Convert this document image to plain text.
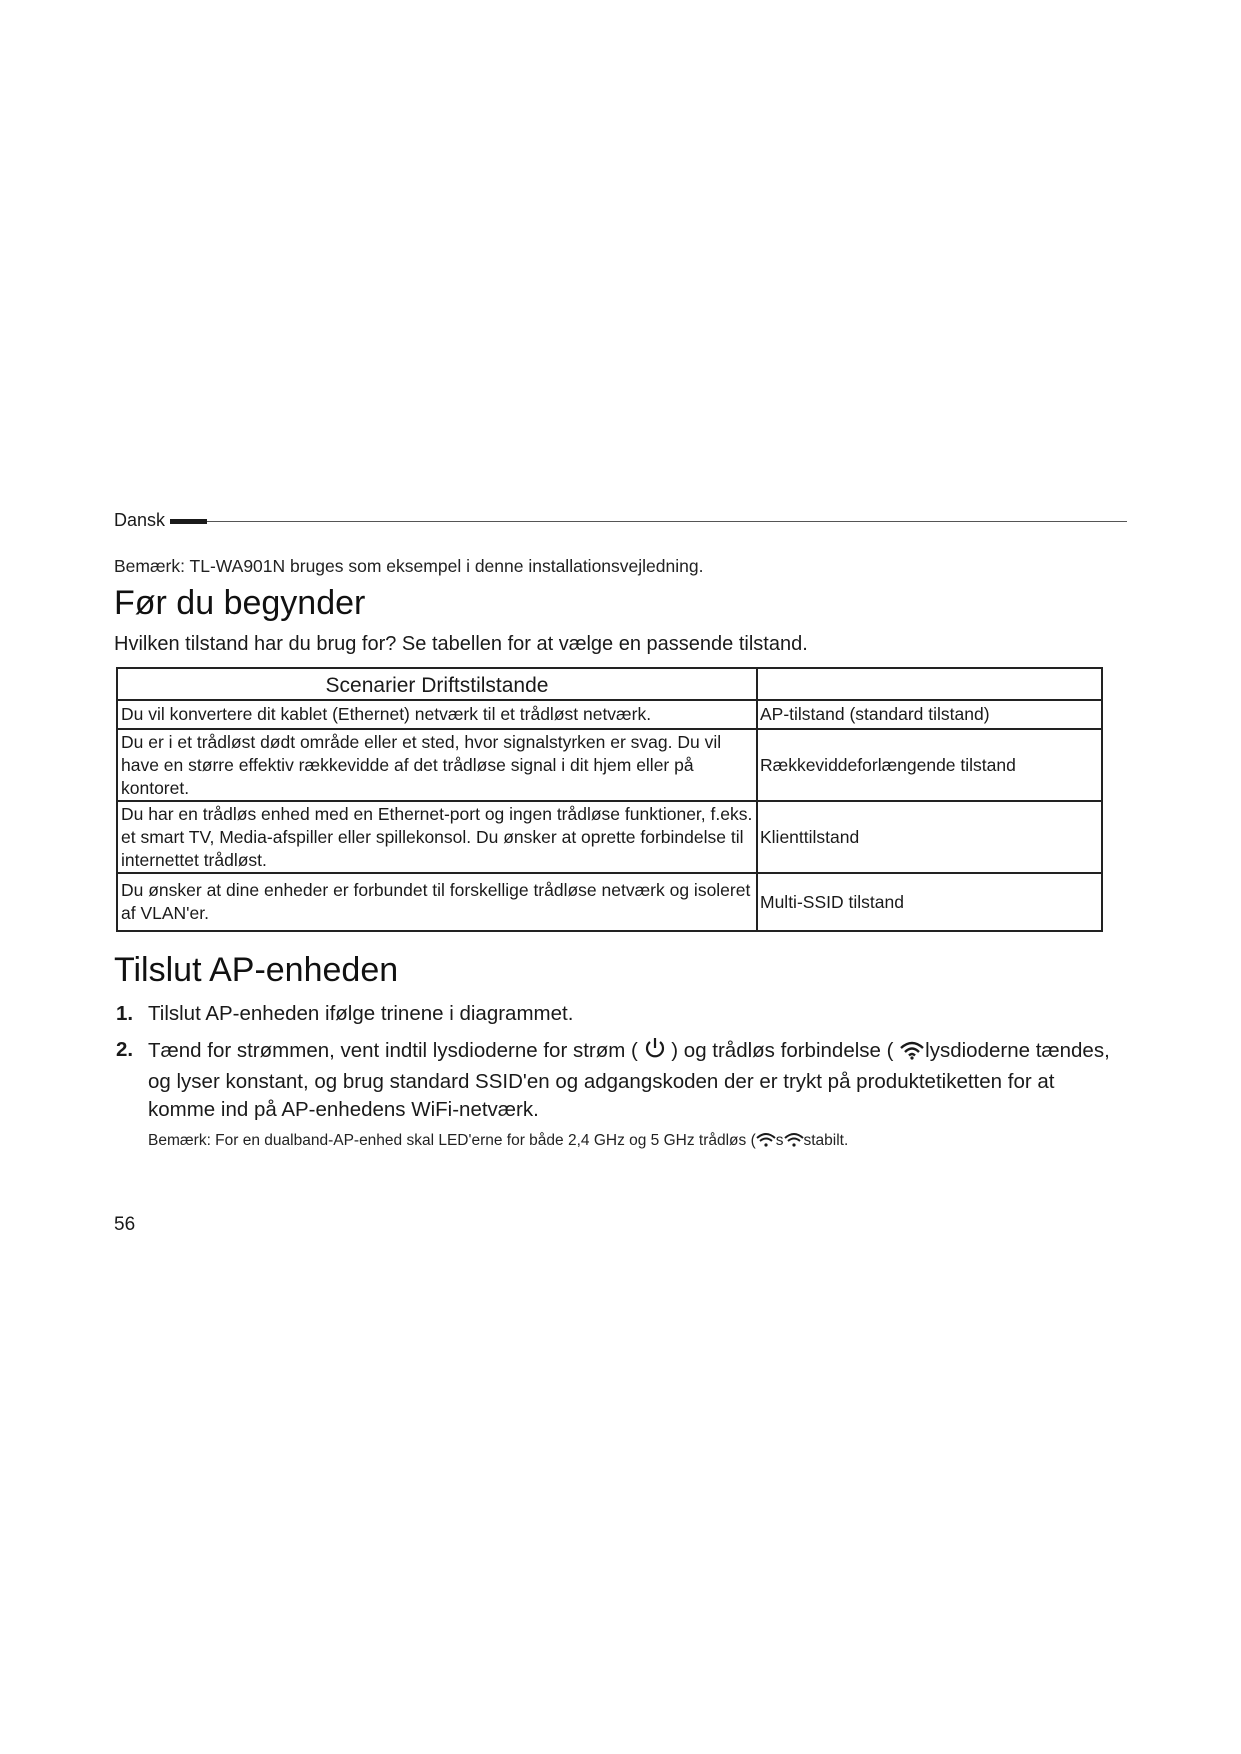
Dansk
Bemærk: TL-WA901N bruges som eksempel i denne installationsvejledning.
Før du begynder
Hvilken tilstand har du brug for? Se tabellen for at vælge en passende tilstand.
Scenarier Driftstilstande	
Du vil konvertere dit kablet (Ethernet) netværk til et trådløst netværk.	AP-tilstand (standard tilstand)
Du er i et trådløst dødt område eller et sted, hvor signalstyrken er svag. Du vil have en større effektiv rækkevidde af det trådløse signal i dit hjem eller på kontoret.	Rækkeviddeforlængende tilstand
Du har en trådløs enhed med en Ethernet-port og ingen trådløse funktioner, f.eks. et smart TV, Media-afspiller eller spillekonsol. Du ønsker at oprette forbindelse til internettet trådløst.	Klienttilstand
Du ønsker at dine enheder er forbundet til forskellige trådløse netværk og isoleret af VLAN'er.	Multi-SSID tilstand
Tilslut AP-enheden
1. Tilslut AP-enheden ifølge trinene i diagrammet.
2. Tænd for strømmen, vent indtil lysdioderne for strøm ( ) og trådløs forbindelse ( lysdioderne tændes, og lyser konstant, og brug standard SSID'en og adgangskoden der er trykt på produktetiketten for at komme ind på AP-enhedens WiFi-netværk.
Bemærk: For en dualband-AP-enhed skal LED'erne for både 2,4 GHz og 5 GHz trådløs ( s stabilt.
56
